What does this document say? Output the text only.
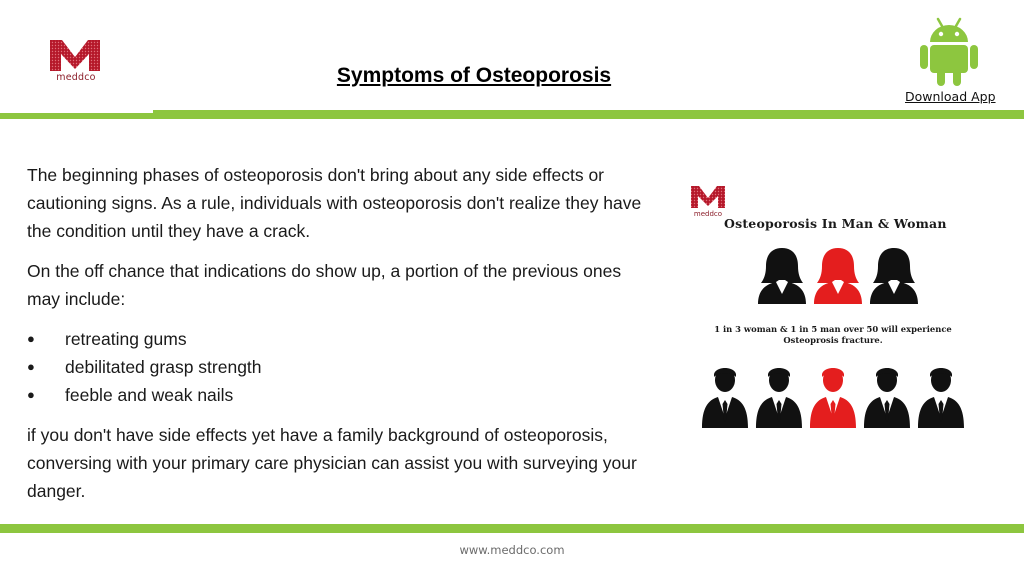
meddco	Symptoms of Osteoporosis
Download App

The beginning phases of osteoporosis don't bring about any side effects or cautioning signs. As a rule, individuals with osteoporosis don't realize they have the condition until they have a crack.

On the off chance that indications do show up, a portion of the previous ones may include:

● retreating gums
● debilitated grasp strength
● feeble and weak nails

if you don't have side effects yet have a family background of osteoporosis, conversing with your primary care physician can assist you with surveying your danger.

meddco
Osteoporosis In Man & Woman
1 in 3 woman & 1 in 5 man over 50 will experience
Osteoprosis fracture.
www.meddco.com
